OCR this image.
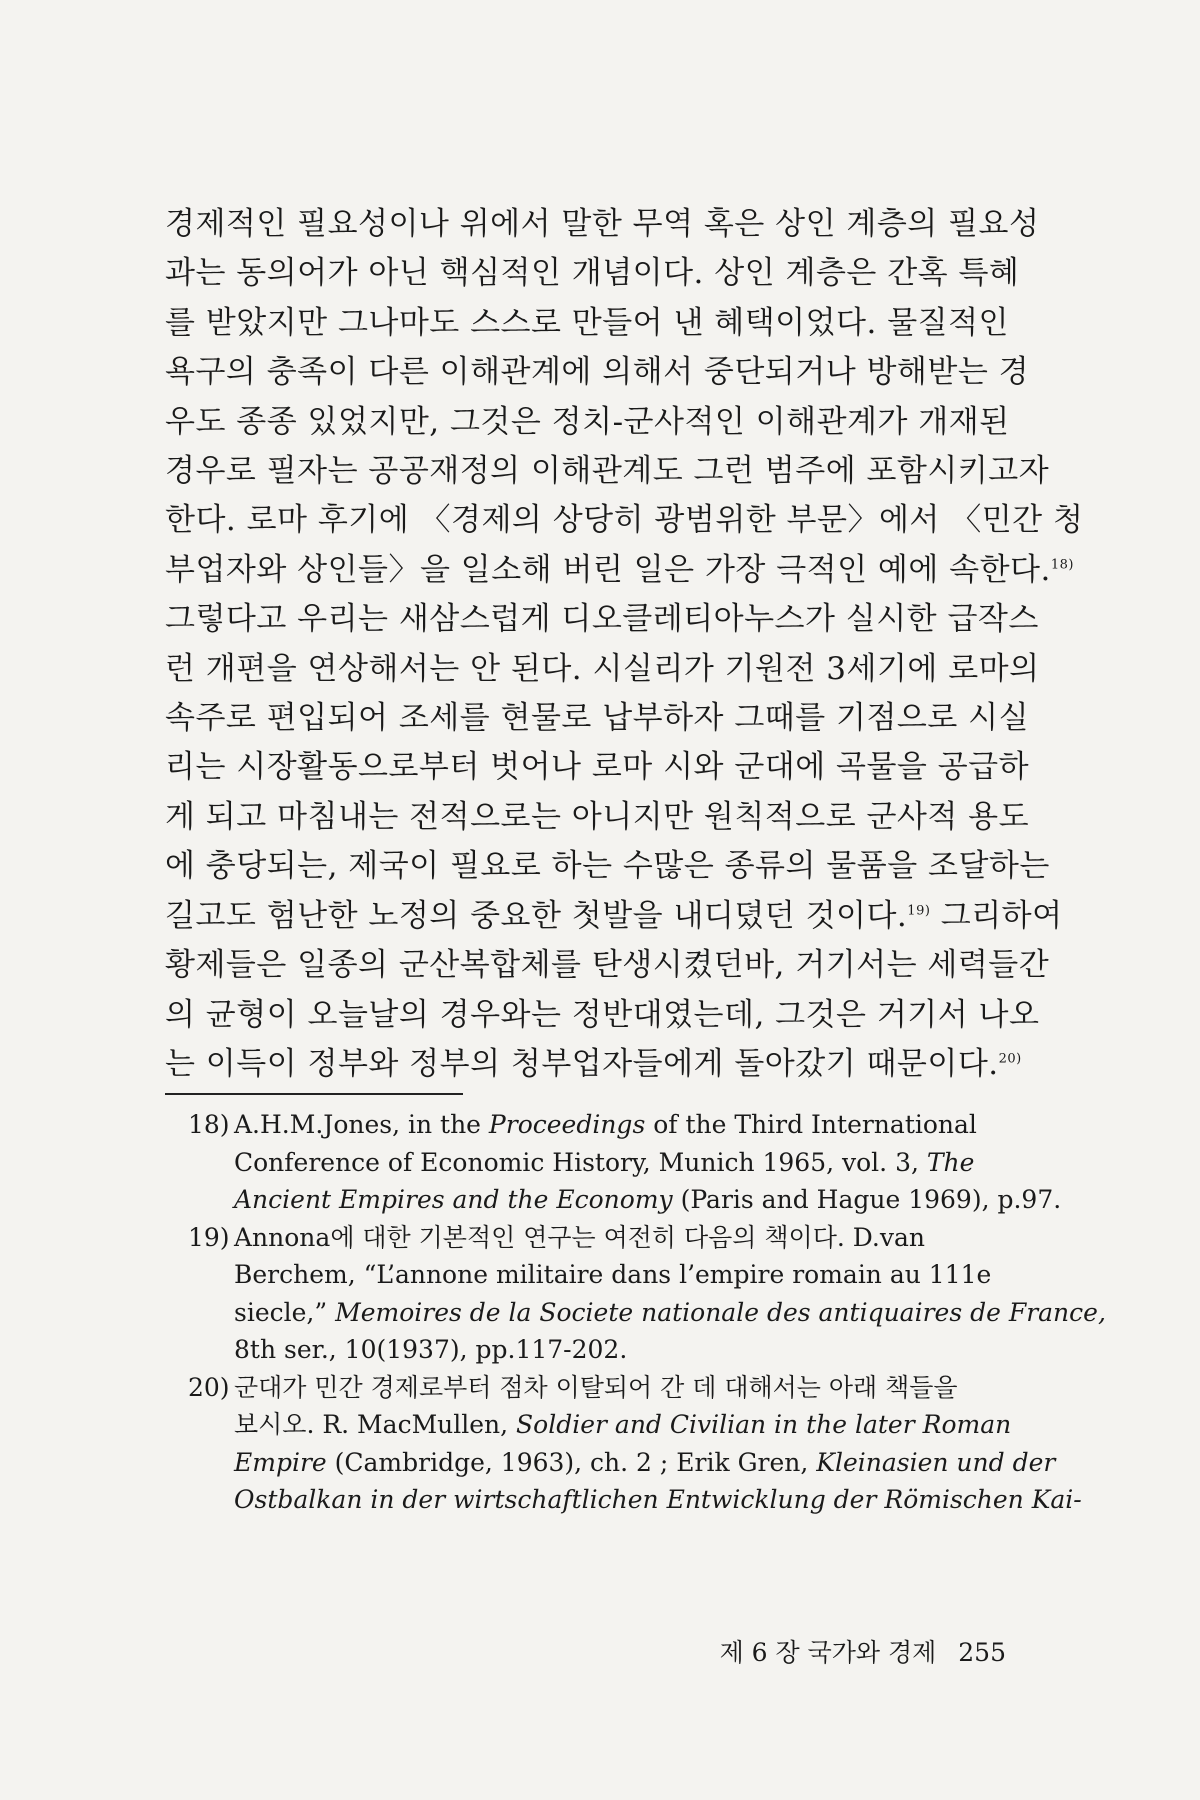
경제적인 필요성이나 위에서 말한 무역 혹은 상인 계층의 필요성
과는 동의어가 아닌 핵심적인 개념이다. 상인 계층은 간혹 특혜
를 받았지만 그나마도 스스로 만들어 낸 혜택이었다. 물질적인
욕구의 충족이 다른 이해관계에 의해서 중단되거나 방해받는 경
우도 종종 있었지만, 그것은 정치-군사적인 이해관계가 개재된
경우로 필자는 공공재정의 이해관계도 그런 범주에 포함시키고자
한다. 로마 후기에 〈경제의 상당히 광범위한 부문〉에서 〈민간 청
부업자와 상인들〉을 일소해 버린 일은 가장 극적인 예에 속한다.$^{18)}$
그렇다고 우리는 새삼스럽게 디오클레티아누스가 실시한 급작스
런 개편을 연상해서는 안 된다. 시실리가 기원전 3세기에 로마의
속주로 편입되어 조세를 현물로 납부하자 그때를 기점으로 시실
리는 시장활동으로부터 벗어나 로마 시와 군대에 곡물을 공급하
게 되고 마침내는 전적으로는 아니지만 원칙적으로 군사적 용도
에 충당되는, 제국이 필요로 하는 수많은 종류의 물품을 조달하는
길고도 험난한 노정의 중요한 첫발을 내디뎠던 것이다.$^{19)}$ 그리하여
황제들은 일종의 군산복합체를 탄생시켰던바, 거기서는 세력들간
의 균형이 오늘날의 경우와는 정반대였는데, 그것은 거기서 나오
는 이득이 정부와 정부의 청부업자들에게 돌아갔기 때문이다.$^{20)}$
18) A.H.M.Jones, in the Proceedings of the Third International
Conference of Economic History, Munich 1965, vol. 3, The
Ancient Empires and the Economy (Paris and Hague 1969), p.97.
19) Annona에 대한 기본적인 연구는 여전히 다음의 책이다. D.van
Berchem, “L’annone militaire dans l’empire romain au 111e
siecle,” Memoires de la Societe nationale des antiquaires de France,
8th ser., 10(1937), pp.117-202.
20) 군대가 민간 경제로부터 점차 이탈되어 간 데 대해서는 아래 책들을
보시오. R. MacMullen, Soldier and Civilian in the later Roman
Empire (Cambridge, 1963), ch. 2 ; Erik Gren, Kleinasien und der
Ostbalkan in der wirtschaftlichen Entwicklung der Römischen Kai-
제 6 장 국가와 경제 255
